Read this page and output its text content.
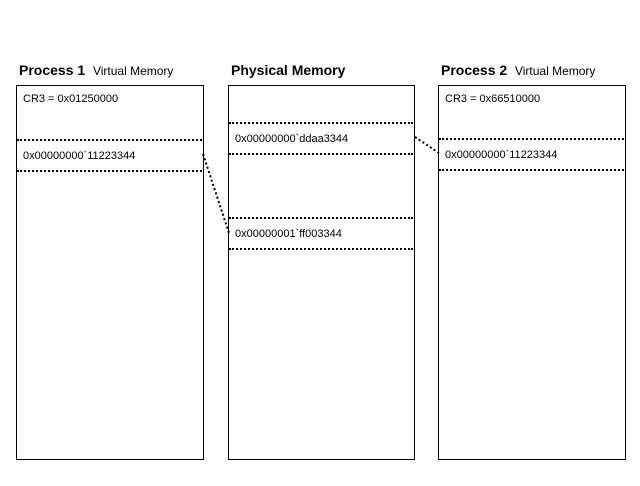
Process 1 Virtual Memory	Physical Memory	Process 2 Virtual Memory
CR3 = 0x01250000
0x00000000`11223344
0x00000000`ddaa3344
0x00000001`ff003344
CR3 = 0x66510000
0x00000000`11223344
